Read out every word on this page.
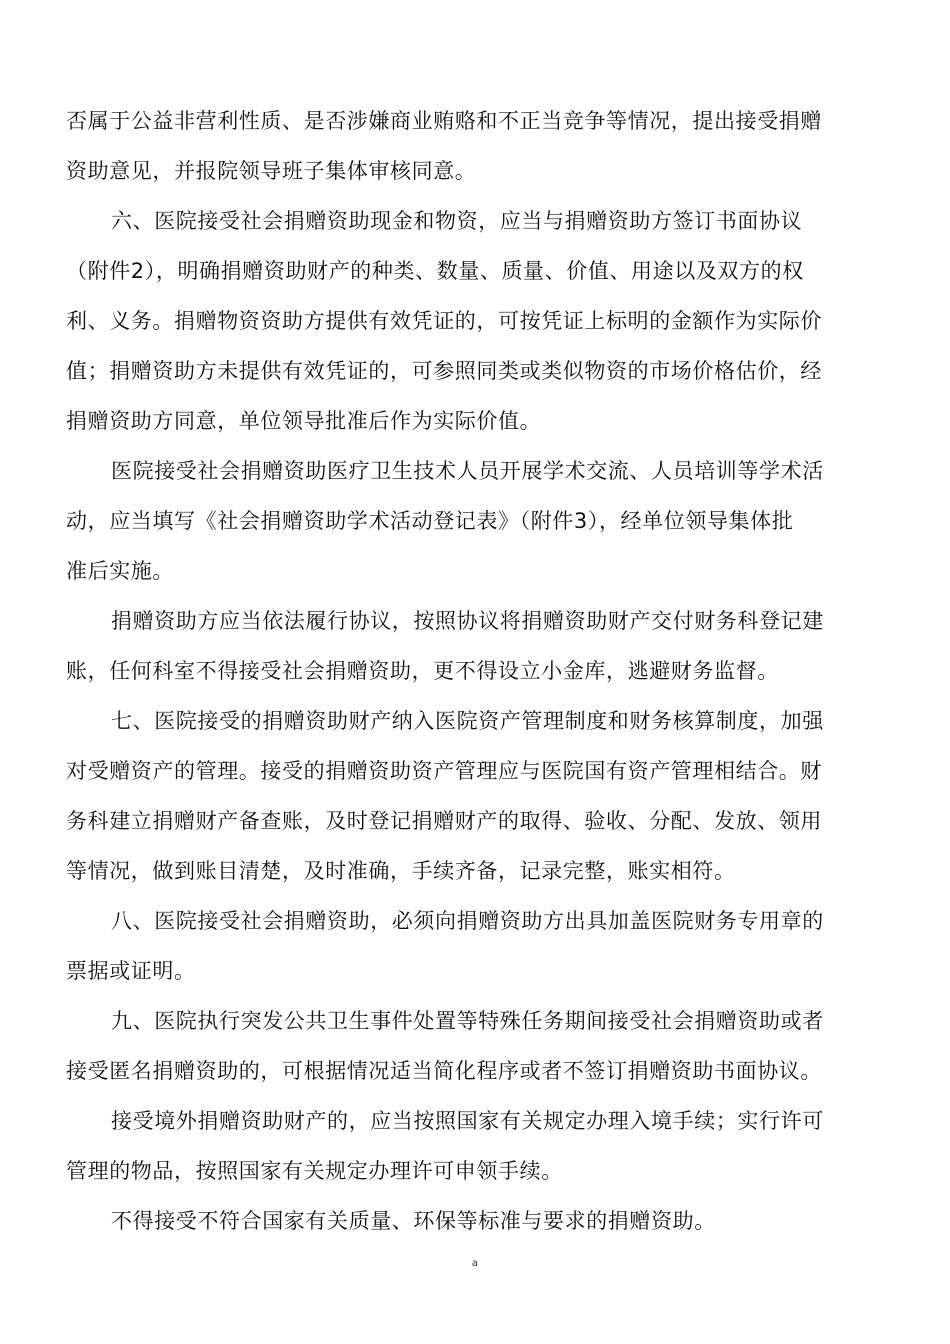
否属于公益非营利性质、是否涉嫌商业贿赂和不正当竞争等情况，提出接受捐赠
资助意见，并报院领导班子集体审核同意。
六、医院接受社会捐赠资助现金和物资，应当与捐赠资助方签订书面协议
（附件2），明确捐赠资助财产的种类、数量、质量、价值、用途以及双方的权
利、义务。捐赠物资资助方提供有效凭证的，可按凭证上标明的金额作为实际价
值；捐赠资助方未提供有效凭证的，可参照同类或类似物资的市场价格估价，经
捐赠资助方同意，单位领导批准后作为实际价值。
医院接受社会捐赠资助医疗卫生技术人员开展学术交流、人员培训等学术活
动，应当填写《社会捐赠资助学术活动登记表》（附件3），经单位领导集体批
准后实施。
捐赠资助方应当依法履行协议，按照协议将捐赠资助财产交付财务科登记建
账，任何科室不得接受社会捐赠资助，更不得设立小金库，逃避财务监督。
七、医院接受的捐赠资助财产纳入医院资产管理制度和财务核算制度，加强
对受赠资产的管理。接受的捐赠资助资产管理应与医院国有资产管理相结合。财
务科建立捐赠财产备查账，及时登记捐赠财产的取得、验收、分配、发放、领用
等情况，做到账目清楚，及时准确，手续齐备，记录完整，账实相符。
八、医院接受社会捐赠资助，必须向捐赠资助方出具加盖医院财务专用章的
票据或证明。
九、医院执行突发公共卫生事件处置等特殊任务期间接受社会捐赠资助或者
接受匿名捐赠资助的，可根据情况适当简化程序或者不签订捐赠资助书面协议。
接受境外捐赠资助财产的，应当按照国家有关规定办理入境手续；实行许可
管理的物品，按照国家有关规定办理许可申领手续。
不得接受不符合国家有关质量、环保等标准与要求的捐赠资助。
a
